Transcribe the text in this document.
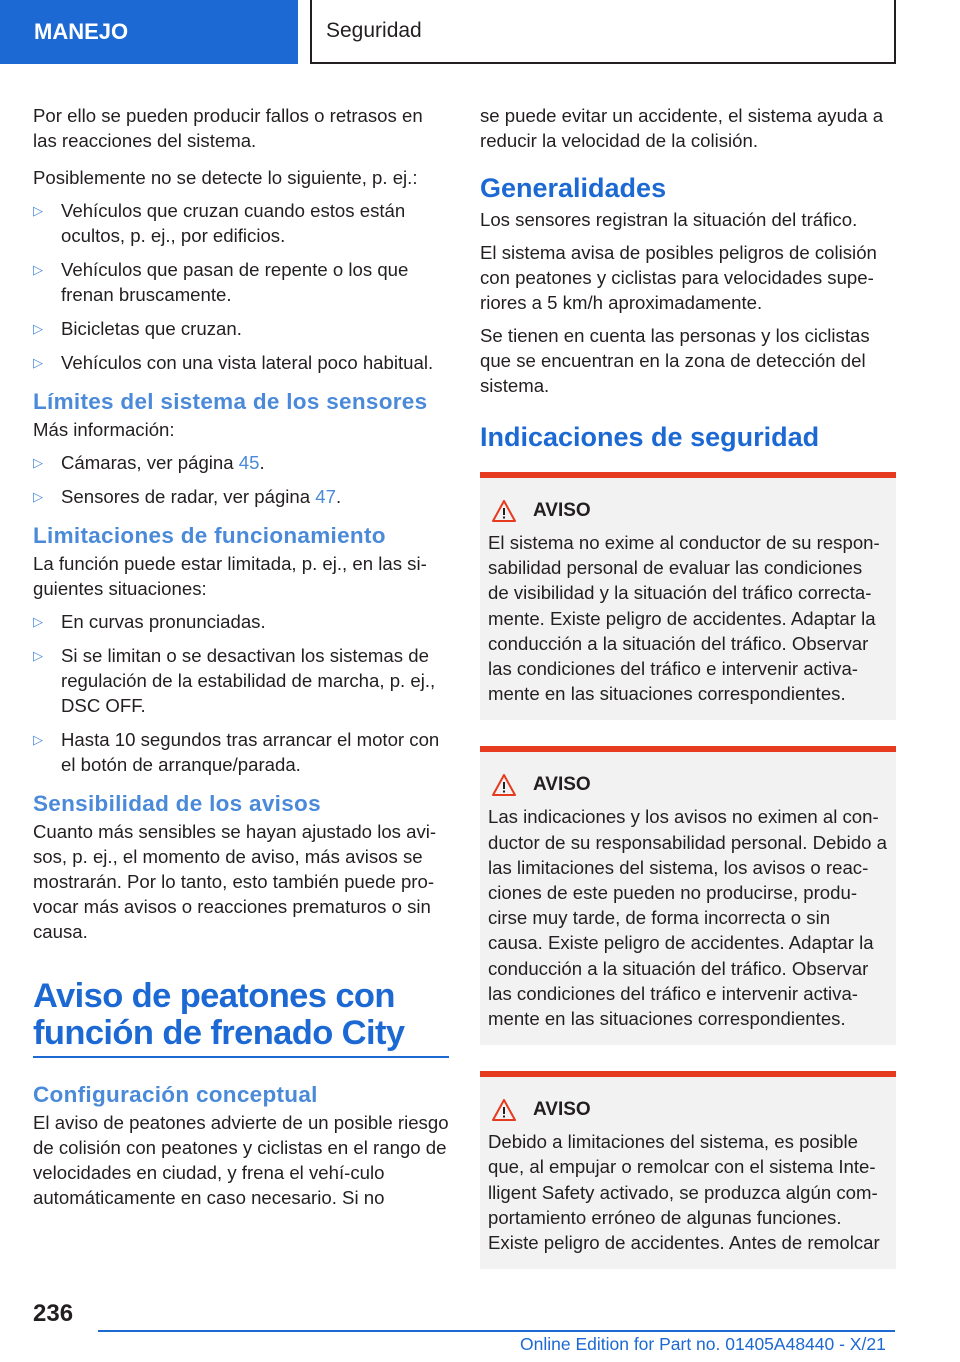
MANEJO	Seguridad

Por ello se pueden producir fallos o retrasos en las reacciones del sistema.

Posiblemente no se detecte lo siguiente, p. ej.:

▷ Vehículos que cruzan cuando estos están ocultos, p. ej., por edificios.
▷ Vehículos que pasan de repente o los que frenan bruscamente.
▷ Bicicletas que cruzan.
▷ Vehículos con una vista lateral poco habitual.
Límites del sistema de los sensores

Más información:

▷ Cámaras, ver página 45.
▷ Sensores de radar, ver página 47.
Limitaciones de funcionamiento

La función puede estar limitada, p. ej., en las si-guientes situaciones:

▷ En curvas pronunciadas.
▷ Si se limitan o se desactivan los sistemas de regulación de la estabilidad de marcha, p. ej., DSC OFF.
▷ Hasta 10 segundos tras arrancar el motor con el botón de arranque/parada.
Sensibilidad de los avisos

Cuanto más sensibles se hayan ajustado los avi-sos, p. ej., el momento de aviso, más avisos se mostrarán. Por lo tanto, esto también puede pro-vocar más avisos o reacciones prematuros o sin causa.

Aviso de peatones con función de frenado City
Configuración conceptual

El aviso de peatones advierte de un posible riesgo de colisión con peatones y ciclistas en el rango de velocidades en ciudad, y frena el vehí-culo automáticamente en caso necesario. Si no

se puede evitar un accidente, el sistema ayuda a reducir la velocidad de la colisión.

Generalidades

Los sensores registran la situación del tráfico.

El sistema avisa de posibles peligros de colisión con peatones y ciclistas para velocidades supe-riores a 5 km/h aproximadamente.

Se tienen en cuenta las personas y los ciclistas que se encuentran en la zona de detección del sistema.

Indicaciones de seguridad
AVISO

El sistema no exime al conductor de su respon-sabilidad personal de evaluar las condiciones de visibilidad y la situación del tráfico correcta-mente. Existe peligro de accidentes. Adaptar la conducción a la situación del tráfico. Observar las condiciones del tráfico e intervenir activa-mente en las situaciones correspondientes.

AVISO

Las indicaciones y los avisos no eximen al con-ductor de su responsabilidad personal. Debido a las limitaciones del sistema, los avisos o reac-ciones de este pueden no producirse, produ-cirse muy tarde, de forma incorrecta o sin causa. Existe peligro de accidentes. Adaptar la conducción a la situación del tráfico. Observar las condiciones del tráfico e intervenir activa-mente en las situaciones correspondientes.

AVISO

Debido a limitaciones del sistema, es posible que, al empujar o remolcar con el sistema Inte-lligent Safety activado, se produzca algún com-portamiento erróneo de algunas funciones. Existe peligro de accidentes. Antes de remolcar

236
Online Edition for Part no. 01405A48440 - X/21
